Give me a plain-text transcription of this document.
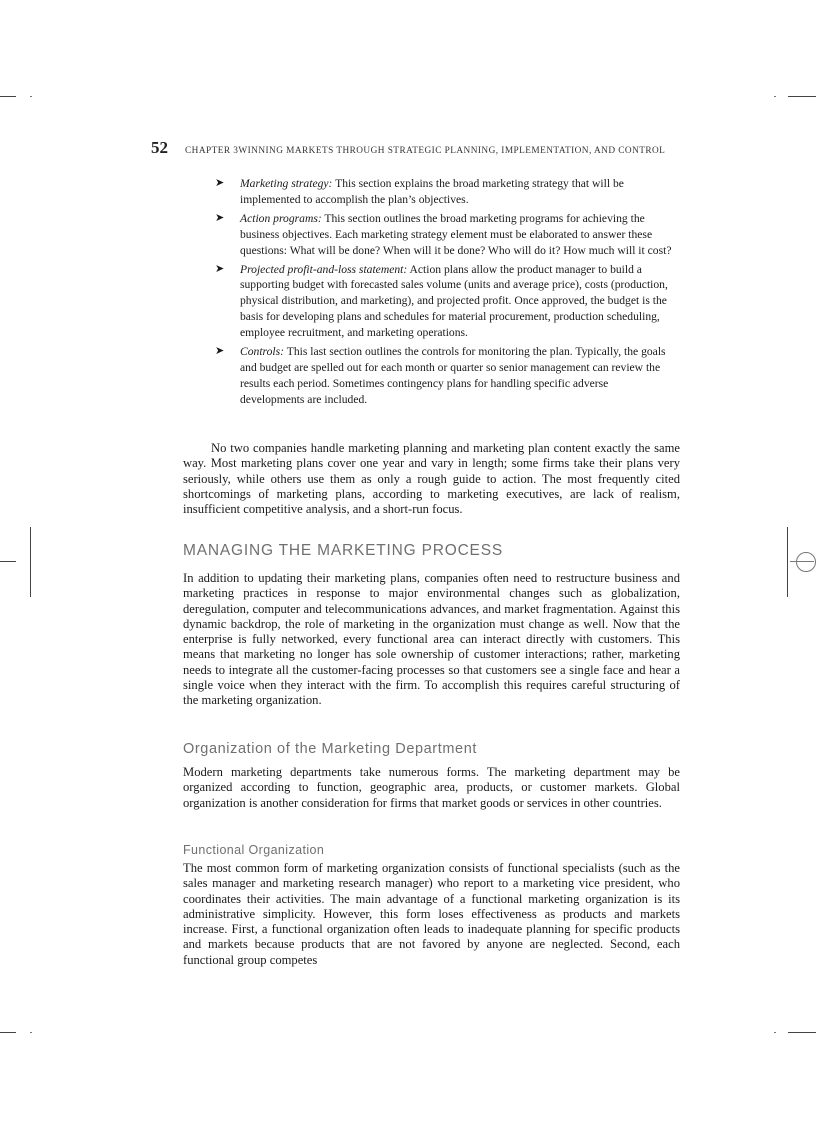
52 CHAPTER 3WINNING MARKETS THROUGH STRATEGIC PLANNING, IMPLEMENTATION, AND CONTROL
➤ Marketing strategy: This section explains the broad marketing strategy that will be implemented to accomplish the plan’s objectives.
➤ Action programs: This section outlines the broad marketing programs for achieving the business objectives. Each marketing strategy element must be elaborated to answer these questions: What will be done? When will it be done? Who will do it? How much will it cost?
➤ Projected profit-and-loss statement: Action plans allow the product manager to build a supporting budget with forecasted sales volume (units and average price), costs (production, physical distribution, and marketing), and projected profit. Once approved, the budget is the basis for developing plans and schedules for material procurement, production scheduling, employee recruitment, and marketing operations.
➤ Controls: This last section outlines the controls for monitoring the plan. Typically, the goals and budget are spelled out for each month or quarter so senior management can review the results each period. Sometimes contingency plans for handling specific adverse developments are included.

No two companies handle marketing planning and marketing plan content exactly the same way. Most marketing plans cover one year and vary in length; some firms take their plans very seriously, while others use them as only a rough guide to action. The most frequently cited shortcomings of marketing plans, according to marketing executives, are lack of realism, insufficient competitive analysis, and a short-run focus.

MANAGING THE MARKETING PROCESS

In addition to updating their marketing plans, companies often need to restructure business and marketing practices in response to major environmental changes such as globalization, deregulation, computer and telecommunications advances, and market fragmentation. Against this dynamic backdrop, the role of marketing in the organization must change as well. Now that the enterprise is fully networked, every functional area can interact directly with customers. This means that marketing no longer has sole ownership of customer interactions; rather, marketing needs to integrate all the customer-facing processes so that customers see a single face and hear a single voice when they interact with the firm. To accomplish this requires careful structuring of the marketing organization.

Organization of the Marketing Department

Modern marketing departments take numerous forms. The marketing department may be organized according to function, geographic area, products, or customer markets. Global organization is another consideration for firms that market goods or services in other countries.

Functional Organization

The most common form of marketing organization consists of functional specialists (such as the sales manager and marketing research manager) who report to a marketing vice president, who coordinates their activities. The main advantage of a functional marketing organization is its administrative simplicity. However, this form loses effectiveness as products and markets increase. First, a functional organization often leads to inadequate planning for specific products and markets because products that are not favored by anyone are neglected. Second, each functional group competes
